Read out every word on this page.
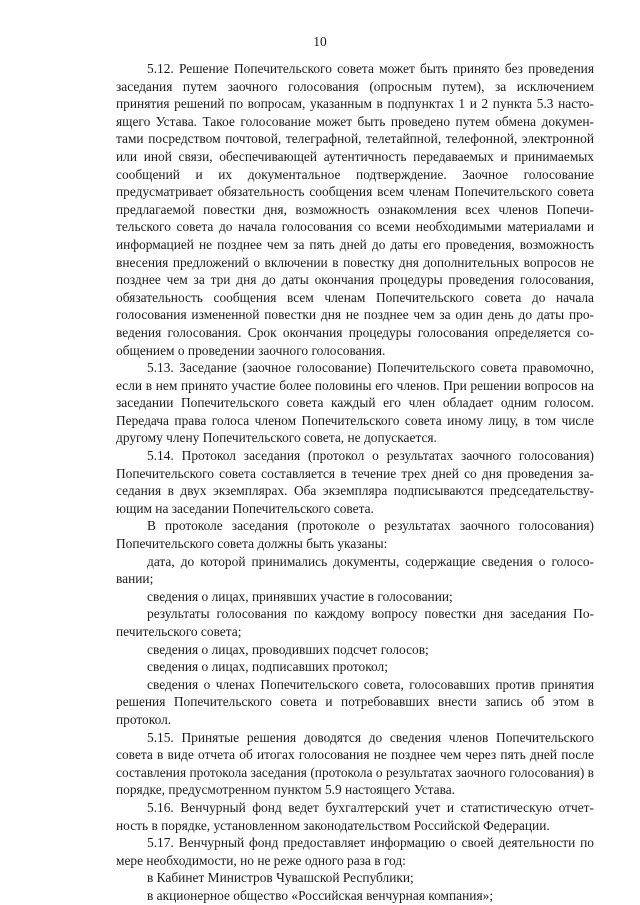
10

5.12. Решение Попечительского совета может быть принято без проведения заседания путем заочного голосования (опросным путем), за исключением принятия решений по вопросам, указанным в подпунктах 1 и 2 пункта 5.3 настоящего Устава. Такое голосование может быть проведено путем обмена документами посредством почтовой, телеграфной, телетайпной, телефонной, электронной или иной связи, обеспечивающей аутентичность передаваемых и принимаемых сообщений и их документальное подтверждение. Заочное голосование предусматривает обязательность сообщения всем членам Попечительского совета предлагаемой повестки дня, возможность ознакомления всех членов Попечительского совета до начала голосования со всеми необходимыми материалами и информацией не позднее чем за пять дней до даты его проведения, возможность внесения предложений о включении в повестку дня дополнительных вопросов не позднее чем за три дня до даты окончания процедуры проведения голосования, обязательность сообщения всем членам Попечительского совета до начала голосования измененной повестки дня не позднее чем за один день до даты проведения голосования. Срок окончания процедуры голосования определяется сообщением о проведении заочного голосования.

5.13. Заседание (заочное голосование) Попечительского совета правомочно, если в нем принято участие более половины его членов. При решении вопросов на заседании Попечительского совета каждый его член обладает одним голосом. Передача права голоса членом Попечительского совета иному лицу, в том числе другому члену Попечительского совета, не допускается.

5.14. Протокол заседания (протокол о результатах заочного голосования) Попечительского совета составляется в течение трех дней со дня проведения заседания в двух экземплярах. Оба экземпляра подписываются председательствующим на заседании Попечительского совета.

В протоколе заседания (протоколе о результатах заочного голосования) Попечительского совета должны быть указаны:

дата, до которой принимались документы, содержащие сведения о голосовании;

сведения о лицах, принявших участие в голосовании;

результаты голосования по каждому вопросу повестки дня заседания Попечительского совета;

сведения о лицах, проводивших подсчет голосов;

сведения о лицах, подписавших протокол;

сведения о членах Попечительского совета, голосовавших против принятия решения Попечительского совета и потребовавших внести запись об этом в протокол.

5.15. Принятые решения доводятся до сведения членов Попечительского совета в виде отчета об итогах голосования не позднее чем через пять дней после составления протокола заседания (протокола о результатах заочного голосования) в порядке, предусмотренном пунктом 5.9 настоящего Устава.

5.16. Венчурный фонд ведет бухгалтерский учет и статистическую отчетность в порядке, установленном законодательством Российской Федерации.

5.17. Венчурный фонд предоставляет информацию о своей деятельности по мере необходимости, но не реже одного раза в год:

в Кабинет Министров Чувашской Республики;

в акционерное общество «Российская венчурная компания»;
